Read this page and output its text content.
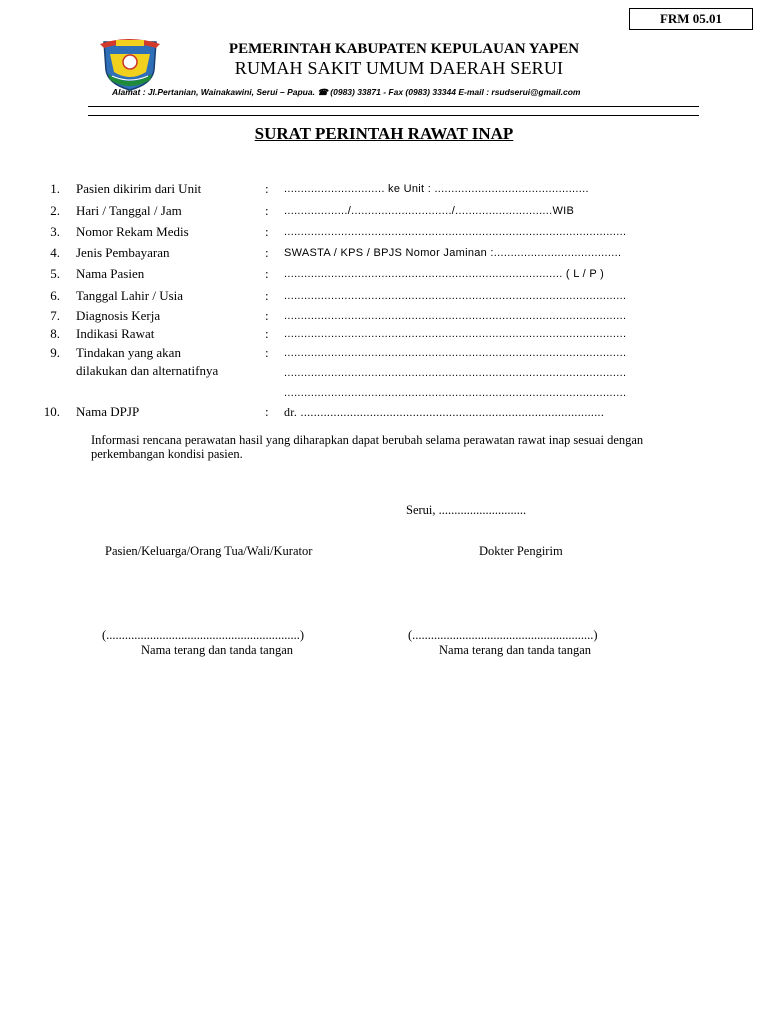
FRM 05.01
PEMERINTAH KABUPATEN KEPULAUAN YAPEN
RUMAH SAKIT UMUM DAERAH SERUI
Alamat : Jl.Pertanian, Wainakawini, Serui – Papua. ☎ (0983) 33871 - Fax (0983) 33344 E-mail : rsudserui@gmail.com
SURAT PERINTAH RAWAT INAP
1. Pasien dikirim dari Unit	: .............................. ke Unit : ..............................................
2. Hari / Tanggal / Jam	: .................../............................../.............................WIB
3. Nomor Rekam Medis	: ......................................................................................................
4. Jenis Pembayaran	: SWASTA / KPS / BPJS Nomor Jaminan :......................................
5. Nama Pasien	: ................................................................................... ( L / P )
6. Tanggal Lahir / Usia	: ......................................................................................................
7. Diagnosis Kerja	: ......................................................................................................
8. Indikasi Rawat	: ......................................................................................................
9. Tindakan yang akan
dilakukan dan alternatifnya
: ......................................................................................................
......................................................................................................
......................................................................................................
10. Nama DPJP	: dr. ............................................................................................
Informasi rencana perawatan hasil yang diharapkan dapat berubah selama perawatan rawat inap sesuai dengan perkembangan kondisi pasien.
Serui, ............................
Pasien/Keluarga/Orang Tua/Wali/Kurator	Dokter Pengirim
(..............................................................)	(..........................................................)
Nama terang dan tanda tangan	Nama terang dan tanda tangan
